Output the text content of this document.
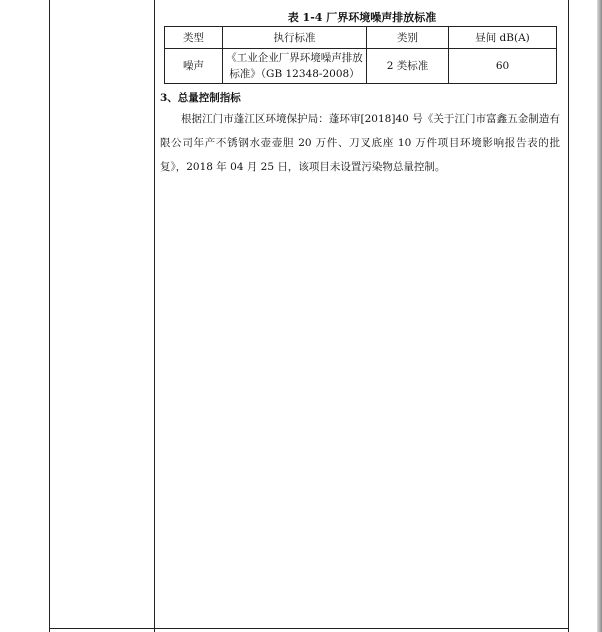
表 1-4 厂界环境噪声排放标准
类型	执行标准	类别	昼间 dB(A)
噪声	《工业企业厂界环境噪声排放标准》（GB 12348-2008）	2 类标准	60
3、总量控制指标

根据江门市蓬江区环境保护局：蓬环审[2018]40 号《关于江门市富鑫五金制造有限公司年产不锈钢水壶壶胆 20 万件、刀叉底座 10 万件项目环境影响报告表的批复》，2018 年 04 月 25 日，该项目未设置污染物总量控制。
